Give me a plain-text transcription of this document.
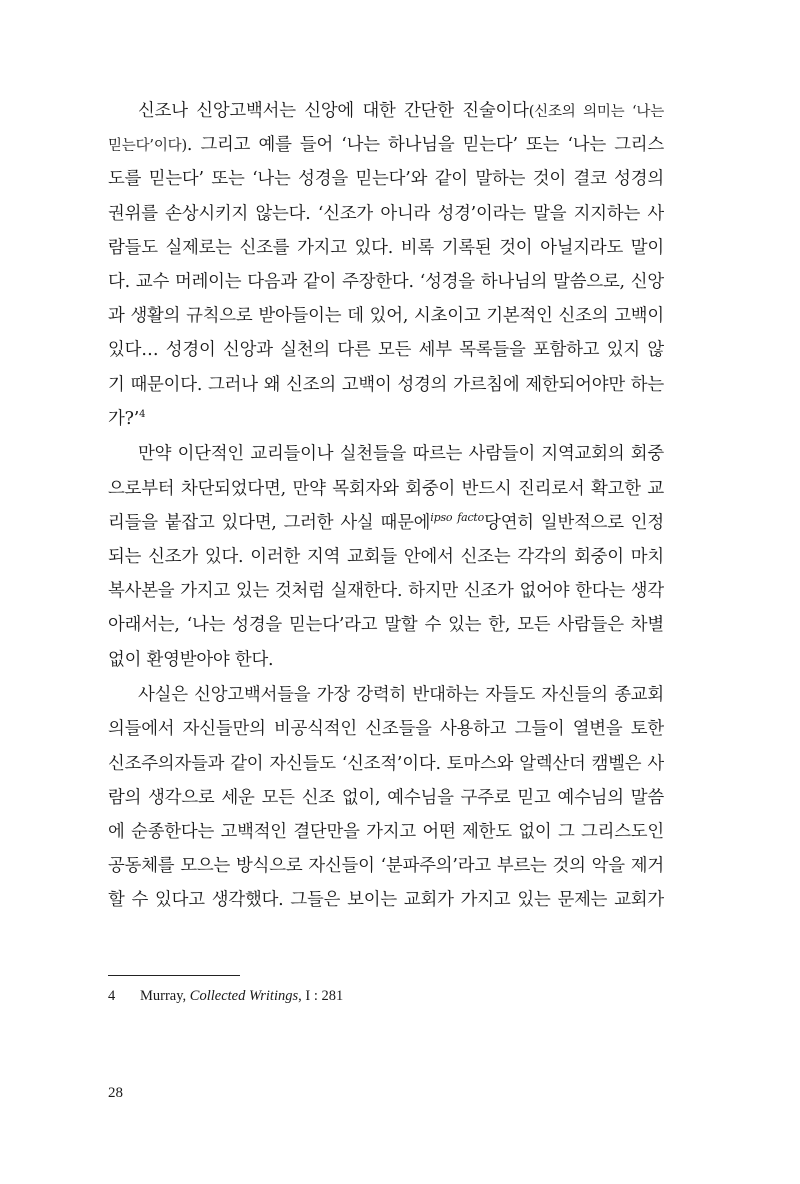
신조나 신앙고백서는 신앙에 대한 간단한 진술이다(신조의 의미는 ‘나는
믿는다’이다). 그리고 예를 들어 ‘나는 하나님을 믿는다’ 또는 ‘나는 그리스
도를 믿는다’ 또는 ‘나는 성경을 믿는다’와 같이 말하는 것이 결코 성경의
권위를 손상시키지 않는다. ‘신조가 아니라 성경’이라는 말을 지지하는 사
람들도 실제로는 신조를 가지고 있다. 비록 기록된 것이 아닐지라도 말이
다. 교수 머레이는 다음과 같이 주장한다. ‘성경을 하나님의 말씀으로, 신앙
과 생활의 규칙으로 받아들이는 데 있어, 시초이고 기본적인 신조의 고백이
있다… 성경이 신앙과 실천의 다른 모든 세부 목록들을 포함하고 있지 않
기 때문이다. 그러나 왜 신조의 고백이 성경의 가르침에 제한되어야만 하는
가?’$^4$
만약 이단적인 교리들이나 실천들을 따르는 사람들이 지역교회의 회중
으로부터 차단되었다면, 만약 목회자와 회중이 반드시 진리로서 확고한 교
리들을 붙잡고 있다면, 그러한 사실 때문에$^{ipso facto}$당연히 일반적으로 인정
되는 신조가 있다. 이러한 지역 교회들 안에서 신조는 각각의 회중이 마치
복사본을 가지고 있는 것처럼 실재한다. 하지만 신조가 없어야 한다는 생각
아래서는, ‘나는 성경을 믿는다’라고 말할 수 있는 한, 모든 사람들은 차별
없이 환영받아야 한다.
사실은 신앙고백서들을 가장 강력히 반대하는 자들도 자신들의 종교회
의들에서 자신들만의 비공식적인 신조들을 사용하고 그들이 열변을 토한
신조주의자들과 같이 자신들도 ‘신조적’이다. 토마스와 알렉산더 캠벨은 사
람의 생각으로 세운 모든 신조 없이, 예수님을 구주로 믿고 예수님의 말씀
에 순종한다는 고백적인 결단만을 가지고 어떤 제한도 없이 그 그리스도인
공동체를 모으는 방식으로 자신들이 ‘분파주의’라고 부르는 것의 악을 제거
할 수 있다고 생각했다. 그들은 보이는 교회가 가지고 있는 문제는 교회가
4 Murray, Collected Writings, I : 281
28
